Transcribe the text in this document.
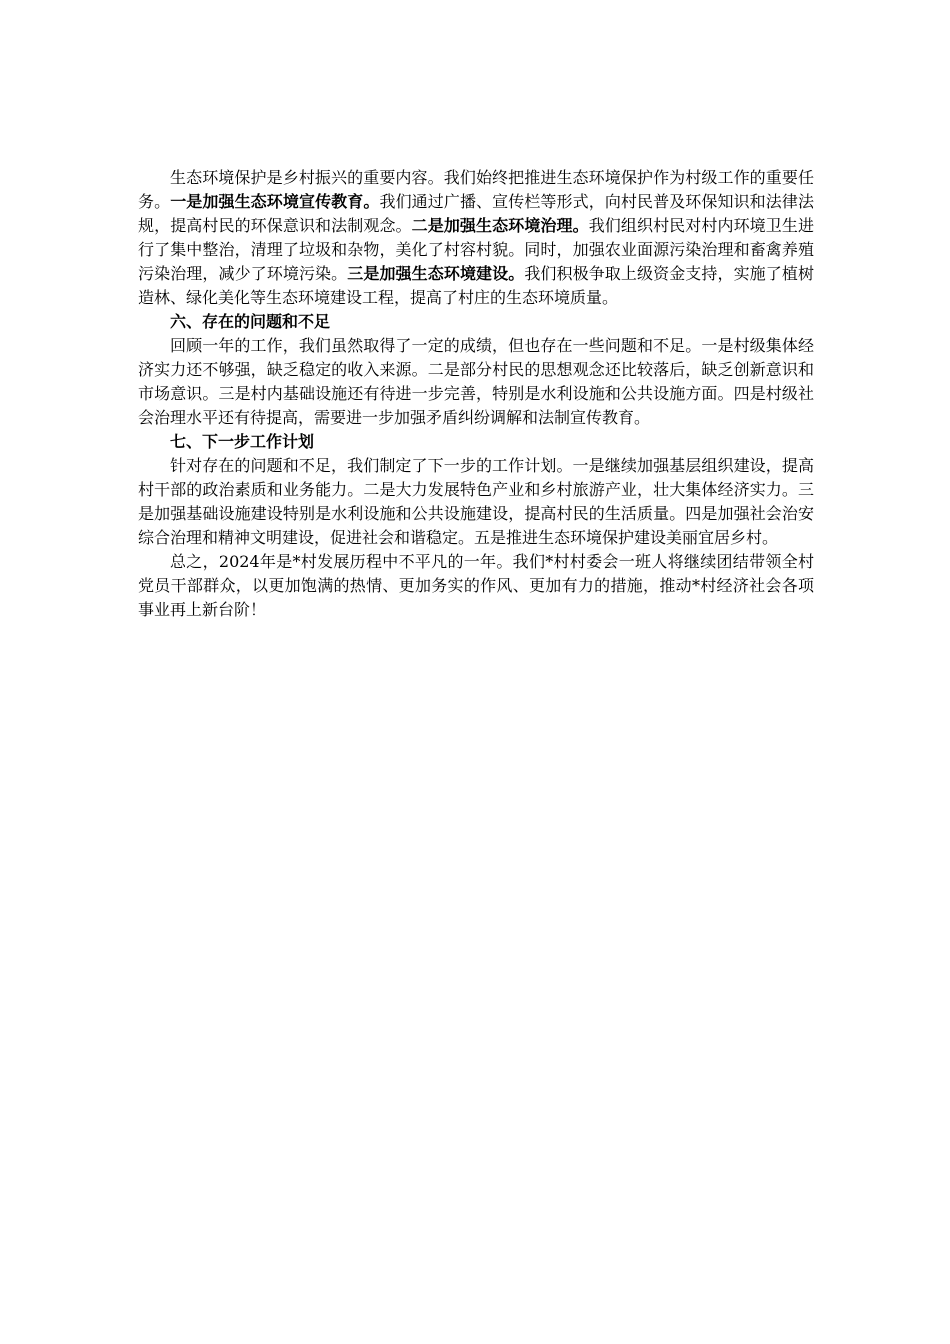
生态环境保护是乡村振兴的重要内容。我们始终把推进生态环境保护作为村级工作的重要任务。一是加强生态环境宣传教育。我们通过广播、宣传栏等形式，向村民普及环保知识和法律法规，提高村民的环保意识和法制观念。二是加强生态环境治理。我们组织村民对村内环境卫生进行了集中整治，清理了垃圾和杂物，美化了村容村貌。同时，加强农业面源污染治理和畜禽养殖污染治理，减少了环境污染。三是加强生态环境建设。我们积极争取上级资金支持，实施了植树造林、绿化美化等生态环境建设工程，提高了村庄的生态环境质量。

六、存在的问题和不足

回顾一年的工作，我们虽然取得了一定的成绩，但也存在一些问题和不足。一是村级集体经济实力还不够强，缺乏稳定的收入来源。二是部分村民的思想观念还比较落后，缺乏创新意识和市场意识。三是村内基础设施还有待进一步完善，特别是水利设施和公共设施方面。四是村级社会治理水平还有待提高，需要进一步加强矛盾纠纷调解和法制宣传教育。

七、下一步工作计划

针对存在的问题和不足，我们制定了下一步的工作计划。一是继续加强基层组织建设，提高村干部的政治素质和业务能力。二是大力发展特色产业和乡村旅游产业，壮大集体经济实力。三是加强基础设施建设特别是水利设施和公共设施建设，提高村民的生活质量。四是加强社会治安综合治理和精神文明建设，促进社会和谐稳定。五是推进生态环境保护建设美丽宜居乡村。

总之，2024年是*村发展历程中不平凡的一年。我们*村村委会一班人将继续团结带领全村党员干部群众，以更加饱满的热情、更加务实的作风、更加有力的措施，推动*村经济社会各项事业再上新台阶！
